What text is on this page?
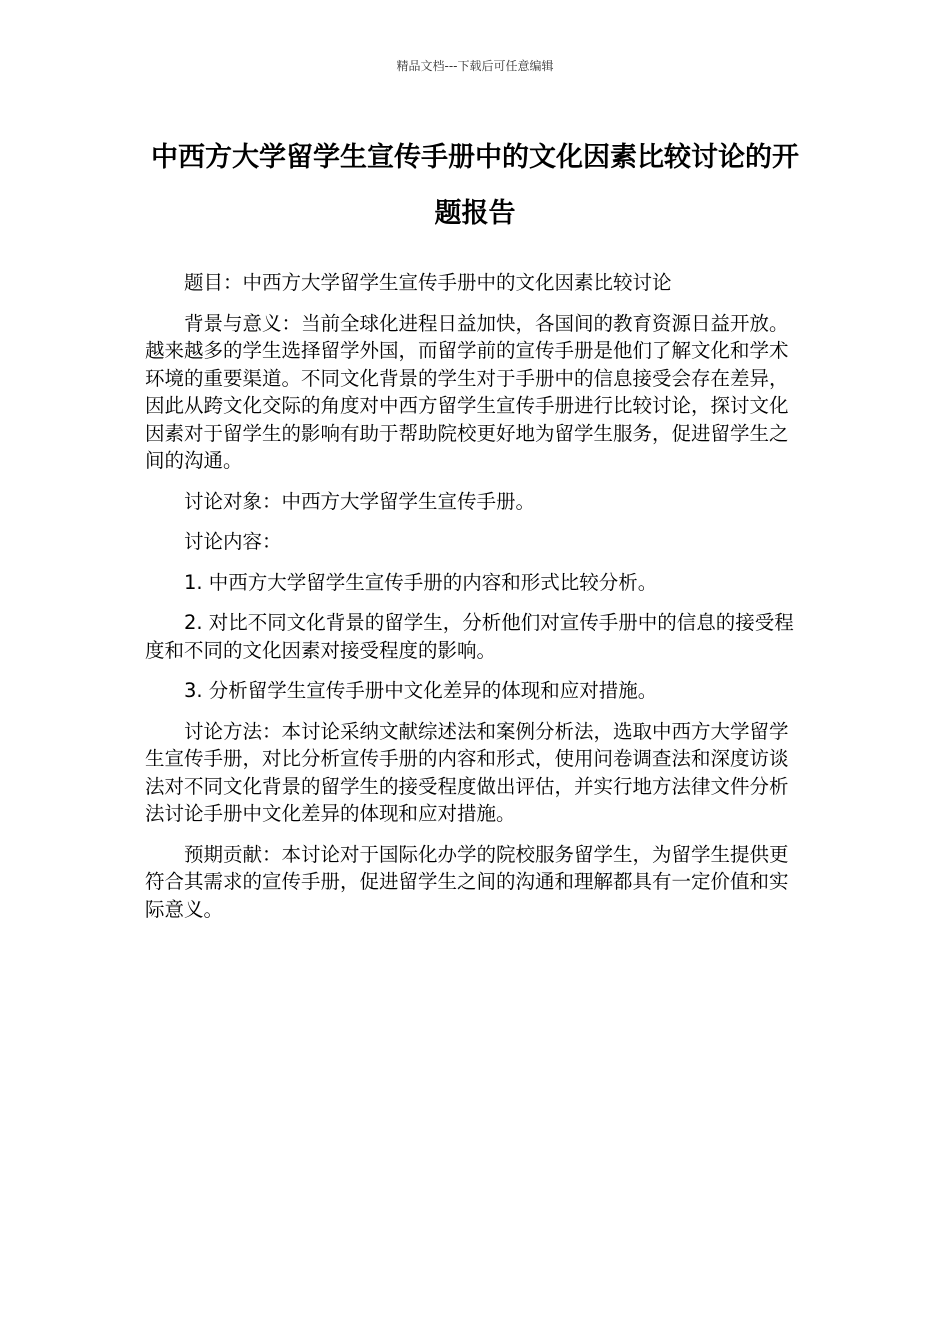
精品文档---下载后可任意编辑
中西方大学留学生宣传手册中的文化因素比较讨论的开题报告

题目：中西方大学留学生宣传手册中的文化因素比较讨论

背景与意义：当前全球化进程日益加快，各国间的教育资源日益开放。越来越多的学生选择留学外国，而留学前的宣传手册是他们了解文化和学术环境的重要渠道。不同文化背景的学生对于手册中的信息接受会存在差异，因此从跨文化交际的角度对中西方留学生宣传手册进行比较讨论，探讨文化因素对于留学生的影响有助于帮助院校更好地为留学生服务，促进留学生之间的沟通。

讨论对象：中西方大学留学生宣传手册。

讨论内容：

1. 中西方大学留学生宣传手册的内容和形式比较分析。

2. 对比不同文化背景的留学生，分析他们对宣传手册中的信息的接受程度和不同的文化因素对接受程度的影响。

3. 分析留学生宣传手册中文化差异的体现和应对措施。

讨论方法：本讨论采纳文献综述法和案例分析法，选取中西方大学留学生宣传手册，对比分析宣传手册的内容和形式，使用问卷调查法和深度访谈法对不同文化背景的留学生的接受程度做出评估，并实行地方法律文件分析法讨论手册中文化差异的体现和应对措施。

预期贡献：本讨论对于国际化办学的院校服务留学生，为留学生提供更符合其需求的宣传手册，促进留学生之间的沟通和理解都具有一定价值和实际意义。
